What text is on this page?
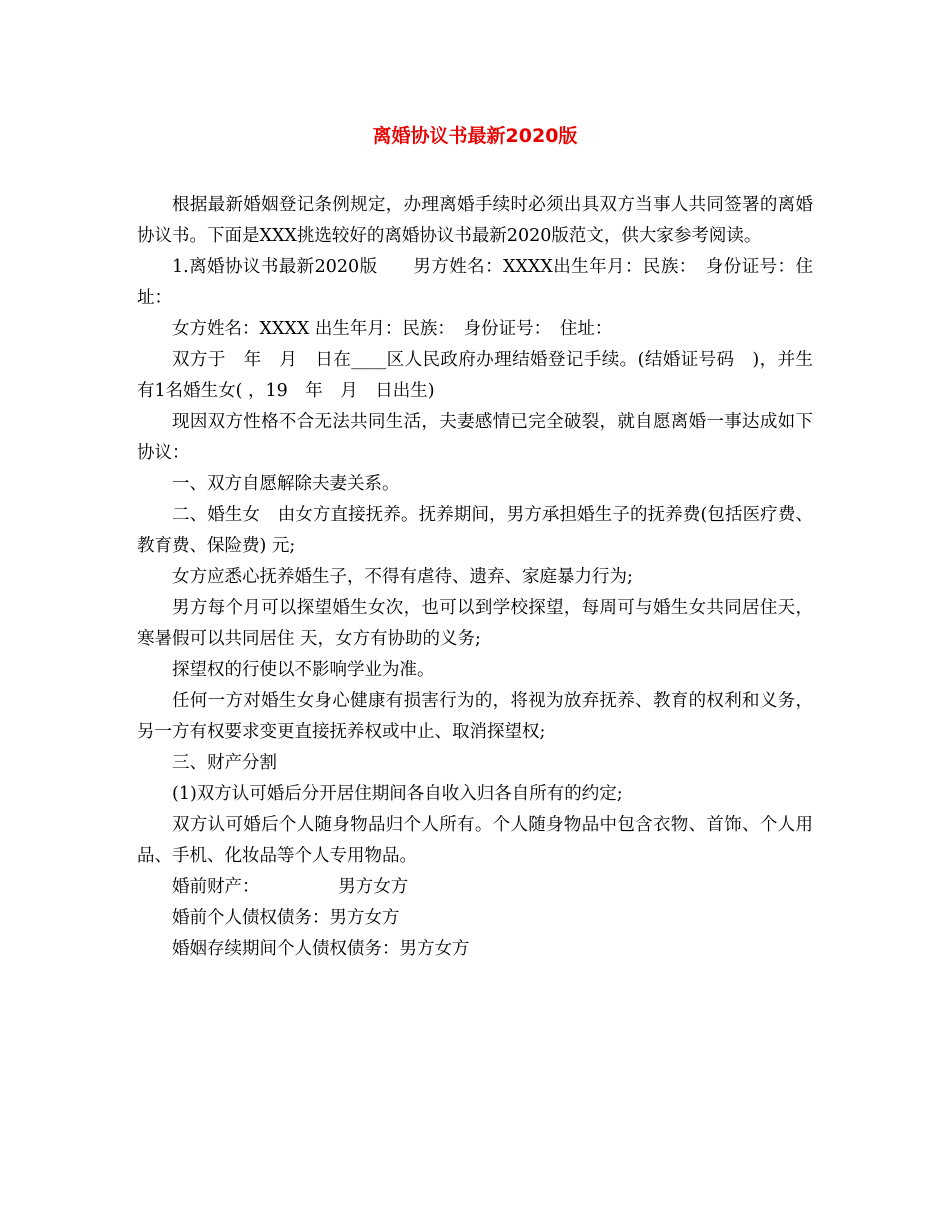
离婚协议书最新2020版

根据最新婚姻登记条例规定，办理离婚手续时必须出具双方当事人共同签署的离婚协议书。下面是XXX挑选较好的离婚协议书最新2020版范文，供大家参考阅读。

1.离婚协议书最新2020版　　男方姓名：XXXX出生年月：民族：　身份证号：住址：

女方姓名：XXXX 出生年月：民族：　身份证号：　住址：

双方于　年　月　日在____区人民政府办理结婚登记手续。(结婚证号码　)，并生有1名婚生女( ，19　年　月　日出生)

现因双方性格不合无法共同生活，夫妻感情已完全破裂，就自愿离婚一事达成如下协议：

一、双方自愿解除夫妻关系。

二、婚生女　由女方直接抚养。抚养期间，男方承担婚生子的抚养费(包括医疗费、教育费、保险费) 元;

女方应悉心抚养婚生子，不得有虐待、遗弃、家庭暴力行为;

男方每个月可以探望婚生女次，也可以到学校探望，每周可与婚生女共同居住天，寒暑假可以共同居住 天，女方有协助的义务;

探望权的行使以不影响学业为准。

任何一方对婚生女身心健康有损害行为的，将视为放弃抚养、教育的权利和义务，另一方有权要求变更直接抚养权或中止、取消探望权;

三、财产分割

(1)双方认可婚后分开居住期间各自收入归各自所有的约定;

双方认可婚后个人随身物品归个人所有。个人随身物品中包含衣物、首饰、个人用品、手机、化妆品等个人专用物品。

婚前财产：　　　　　男方女方

婚前个人债权债务：男方女方

婚姻存续期间个人债权债务：男方女方
